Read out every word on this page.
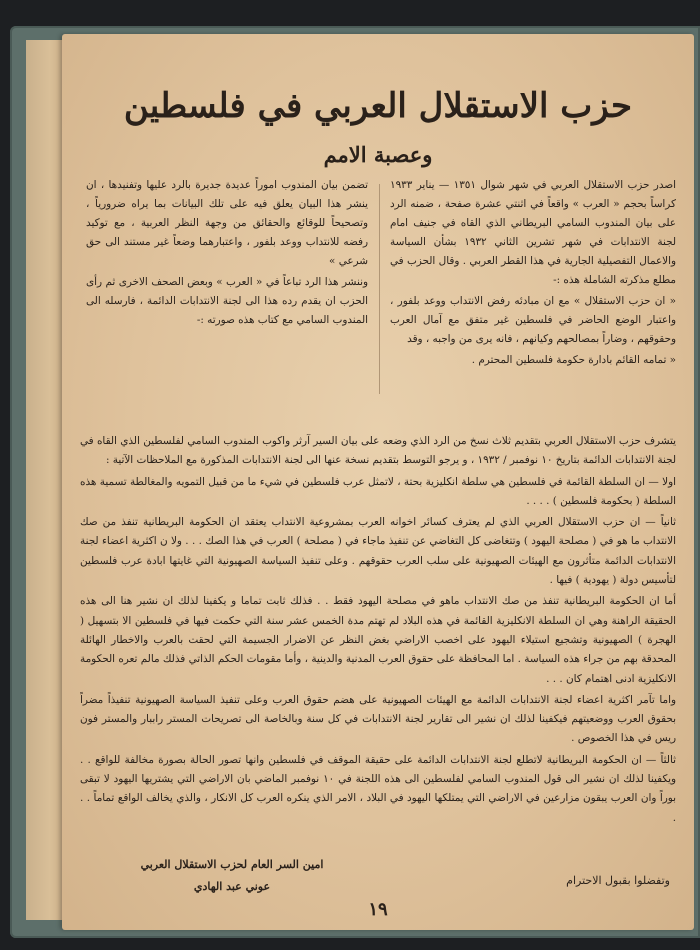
حزب الاستقلال العربي في فلسطين
وعصبة الامم

اصدر حزب الاستقلال العربي في شهر شوال ١٣٥١ — يناير ١٩٣٣ كراساً بحجم « العرب » واقعاً في اثنتي عشرة صفحة ، ضمنه الرد على بيان المندوب السامي البريطاني الذي القاه في جنيف امام لجنة الانتدابات في شهر تشرين الثاني ١٩٣٢ بشأن السياسة والاعمال التفصيلية الجارية في هذا القطر العربي . وقال الحزب في مطلع مذكرته الشاملة هذه :-

« ان حزب الاستقلال » مع ان مبادئه رفض الانتداب ووعد بلفور ، واعتبار الوضع الحاضر في فلسطين غير متفق مع آمال العرب وحقوقهم ، وضاراً بمصالحهم وكيانهم ، فانه يرى من واجبه ، وقد

« تمامه القائم بادارة حكومة فلسطين المحترم .

تضمن بيان المندوب اموراً عديدة جديرة بالرد عليها وتفنيدها ، ان ينشر هذا البيان يعلق فيه على تلك البيانات بما يراه ضرورياً ، وتصحيحاً للوقائع والحقائق من وجهة النظر العربية ، مع توكيد رفضه للانتداب ووعد بلفور ، واعتبارهما وضعاً غير مستند الى حق شرعي »

وننشر هذا الرد تباعاً في « العرب » وبعض الصحف الاخرى ثم رأى الحزب ان يقدم رده هذا الى لجنة الانتدابات الدائمة ، فارسله الى المندوب السامي مع كتاب هذه صورته :-

يتشرف حزب الاستقلال العربي بتقديم ثلاث نسخ من الرد الذي وضعه على بيان السير آرثر واكوب المندوب السامي لفلسطين الذي القاه في لجنة الانتدابات الدائمة بتاريخ ١٠ نوفمبر / ١٩٣٢ ، و يرجو التوسط بتقديم نسخة عنها الى لجنة الانتدابات المذكورة مع الملاحظات الآتية :

اولا — ان السلطة القائمة في فلسطين هي سلطة انكليزية بحتة ، لاتمثل عرب فلسطين في شيء ما من قبيل التمويه والمغالطة تسمية هذه السلطة ( بحكومة فلسطين ) . . . .

ثانياً — ان حزب الاستقلال العربي الذي لم يعترف كسائر اخوانه العرب بمشروعية الانتداب يعتقد ان الحكومة البريطانية تنفذ من صك الانتداب ما هو في ( مصلحة اليهود ) وتتغاضى كل التغاضي عن تنفيذ ماجاء في ( مصلحة ) العرب في هذا الصك . . . ولا ن اكثرية اعضاء لجنة الانتدابات الدائمة متأثرون مع الهيئات الصهيونية على سلب العرب حقوقهم . وعلى تنفيذ السياسة الصهيونية التي غايتها ابادة عرب فلسطين لتأسيس دولة ( يهودية ) فيها .

أما ان الحكومة البريطانية تنفذ من صك الانتداب ماهو في مصلحة اليهود فقط . . فذلك ثابت تماما و يكفينا لذلك ان نشير هنا الى هذه الحقيقة الراهنة وهي ان السلطة الانكليزية القائمة في هذه البلاد لم تهتم مدة الخمس عشر سنة التي حكمت فيها في فلسطين الا بتسهيل ( الهجرة ) الصهيونية وتشجيع استيلاء اليهود على اخصب الاراضي بغض النظر عن الاضرار الجسيمة التي لحقت بالعرب والاخطار الهائلة المحدقة بهم من جراء هذه السياسة . اما المحافظة على حقوق العرب المدنية والدينية ، وأما مقومات الحكم الذاتي فذلك مالم تعره الحكومة الانكليزية ادنى اهتمام كان . . .

واما تآمر اكثرية اعضاء لجنة الانتدابات الدائمة مع الهيئات الصهيونية على هضم حقوق العرب وعلى تنفيذ السياسة الصهيونية تنفيذاً مضراً بحقوق العرب ووضعيتهم فيكفينا لذلك ان نشير الى تقارير لجنة الانتدابات في كل سنة وبالخاصة الى تصريحات المستر راببار والمستر فون ريس في هذا الخصوص .

ثالثاً — ان الحكومة البريطانية لاتطلع لجنة الانتدابات الدائمة على حقيقة الموقف في فلسطين وانها تصور الحالة بصورة مخالفة للواقع . . ويكفينا لذلك ان نشير الى قول المندوب السامي لفلسطين الى هذه اللجنة في ١٠ نوفمبر الماضي بان الاراضي التي يشتريها اليهود لا تبقى بوراً وان العرب يبقون مزارعين في الاراضي التي يمتلكها اليهود في البلاد ، الامر الذي ينكره العرب كل الانكار ، والذي يخالف الواقع تماماً . . .

امين السر العام لحزب الاستقلال العربي
عوني عبد الهادي	وتفضلوا بقبول الاحترام
١٩
